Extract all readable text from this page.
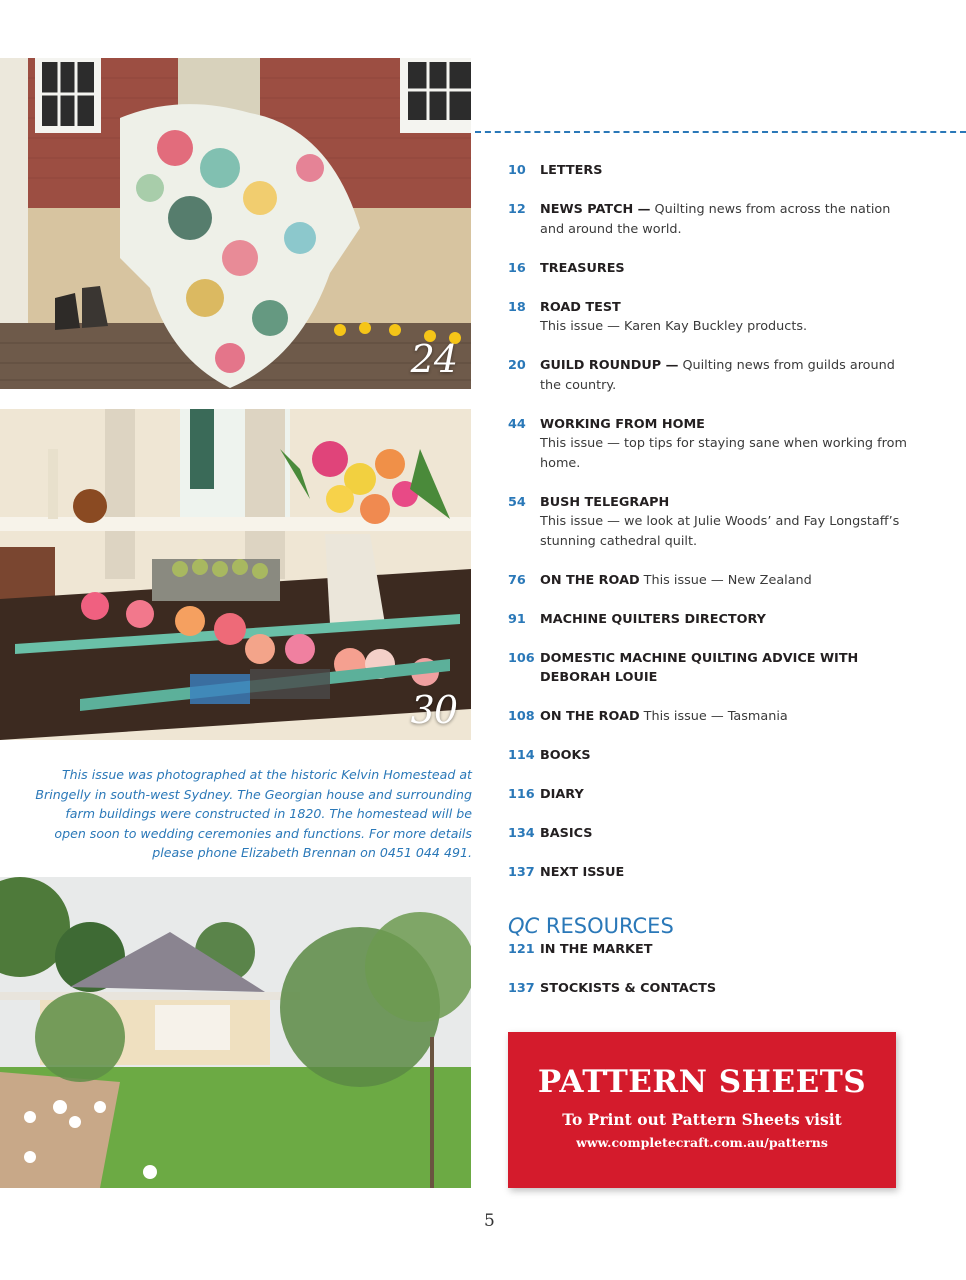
24
30
This issue was photographed at the historic Kelvin Homestead at Bringelly in south-west Sydney. The Georgian house and surrounding farm buildings were constructed in 1820. The homestead will be open soon to wedding ceremonies and functions. For more details please phone Elizabeth Brennan on 0451 044 491.
10 LETTERS
12 NEWS PATCH — Quilting news from across the nation and around the world.
16 TREASURES
18 ROAD TEST
This issue — Karen Kay Buckley products.
20 GUILD ROUNDUP — Quilting news from guilds around the country.
44 WORKING FROM HOME
This issue — top tips for staying sane when working from home.
54 BUSH TELEGRAPH
This issue — we look at Julie Woods’ and Fay Longstaff’s stunning cathedral quilt.
76 ON THE ROAD This issue — New Zealand
91 MACHINE QUILTERS DIRECTORY
106 DOMESTIC MACHINE QUILTING ADVICE WITH DEBORAH LOUIE
108 ON THE ROAD This issue — Tasmania
114 BOOKS
116 DIARY
134 BASICS
137 NEXT ISSUE
QC RESOURCES
121 IN THE MARKET
137 STOCKISTS & CONTACTS
PATTERN SHEETS
To Print out Pattern Sheets visit
www.completecraft.com.au/patterns
5
